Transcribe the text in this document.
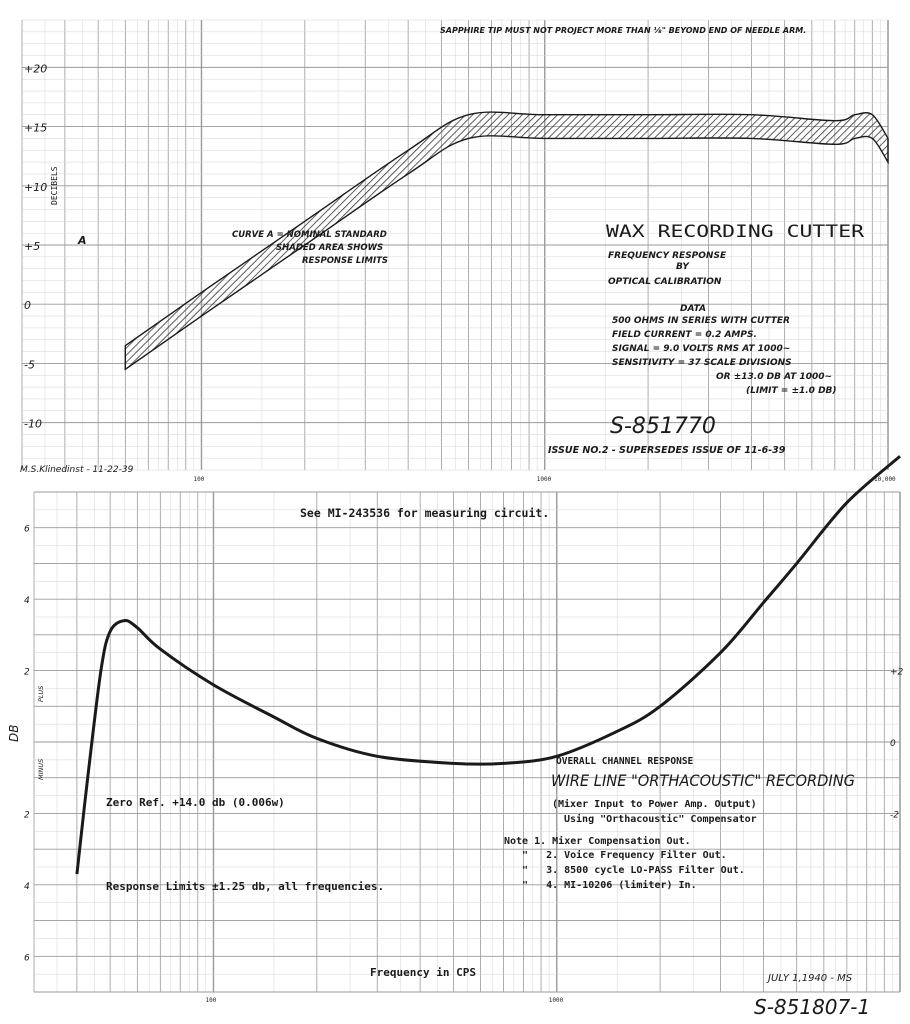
+20
+15
+10
+5
0
-5
-10
100	1000	10,000
DECIBELS
A
SAPPHIRE TIP MUST NOT PROJECT MORE THAN ⅛" BEYOND END OF NEEDLE ARM.
CURVE A = NOMINAL STANDARD
SHADED AREA SHOWS
RESPONSE LIMITS
WAX RECORDING CUTTER
FREQUENCY RESPONSE
BY
OPTICAL CALIBRATION
DATA
500 OHMS IN SERIES WITH CUTTER
FIELD CURRENT = 0.2 AMPS.
SIGNAL = 9.0 VOLTS RMS AT 1000~
SENSITIVITY = 37 SCALE DIVISIONS
OR ±13.0 DB AT 1000~
(LIMIT = ±1.0 DB)
S-851770
ISSUE NO.2 - SUPERSEDES ISSUE OF 11-6-39
M.S.Klinedinst - 11-22-39
6
4
2
2
4
6
+2
0
-2
100	1000
DB
PLUS
MINUS
See MI-243536 for measuring circuit.
Zero Ref. +14.0 db (0.006w)
OVERALL CHANNEL RESPONSE
WIRE LINE "ORTHACOUSTIC" RECORDING
(Mixer Input to Power Amp. Output)
Using "Orthacoustic" Compensator
Note 1. Mixer Compensation Out.
"   2. Voice Frequency Filter Out.
"   3. 8500 cycle LO-PASS Filter Out.
"   4. MI-10206 (limiter) In.
Response Limits ±1.25 db, all frequencies.
Frequency in CPS	JULY 1,1940 - MS
S-851807-1
